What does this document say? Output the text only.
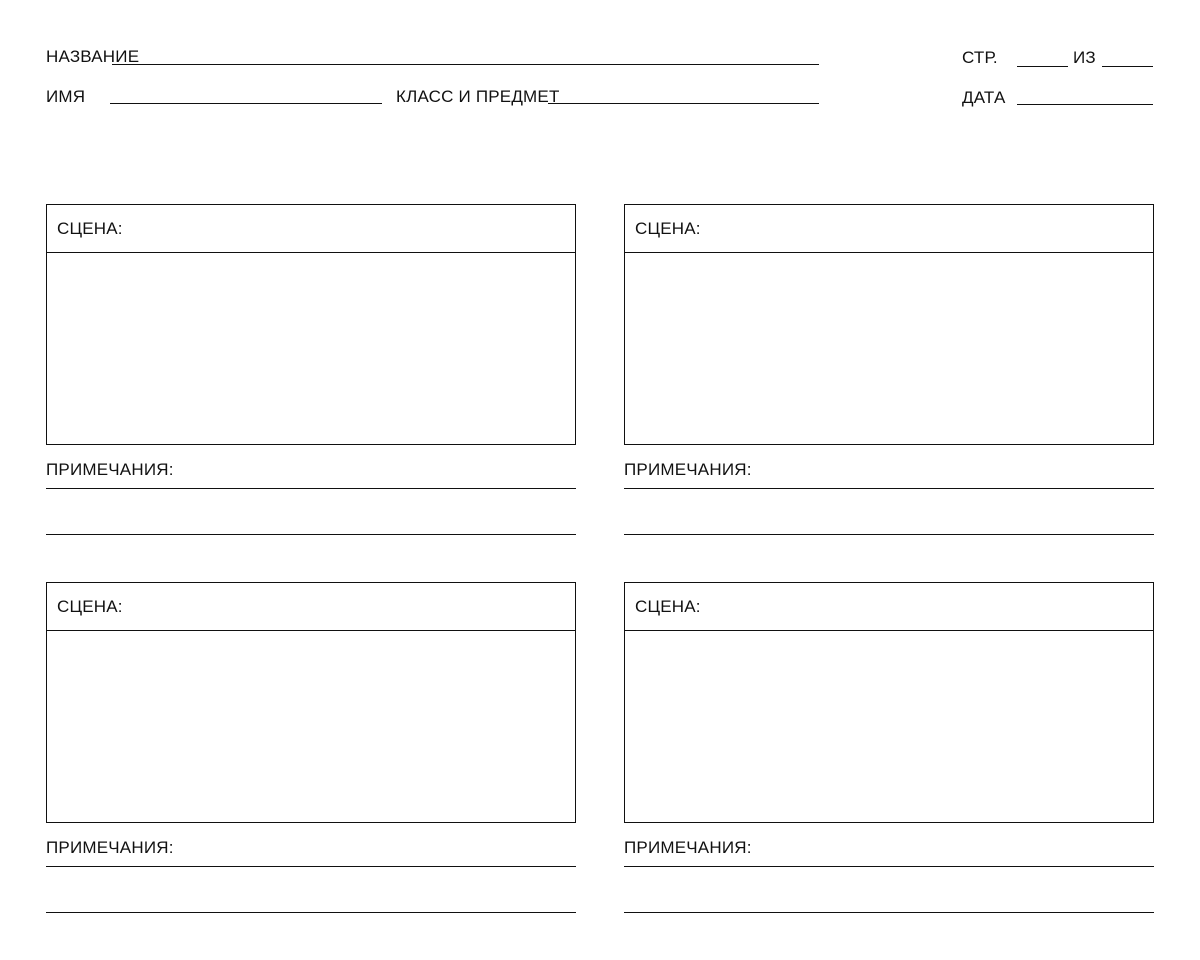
НАЗВАНИЕ	СТР.	ИЗ
ИМЯ	КЛАСС И ПРЕДМЕТ	ДАТА
СЦЕНА:
ПРИМЕЧАНИЯ:
СЦЕНА:
ПРИМЕЧАНИЯ:
СЦЕНА:
ПРИМЕЧАНИЯ:
СЦЕНА:
ПРИМЕЧАНИЯ:
